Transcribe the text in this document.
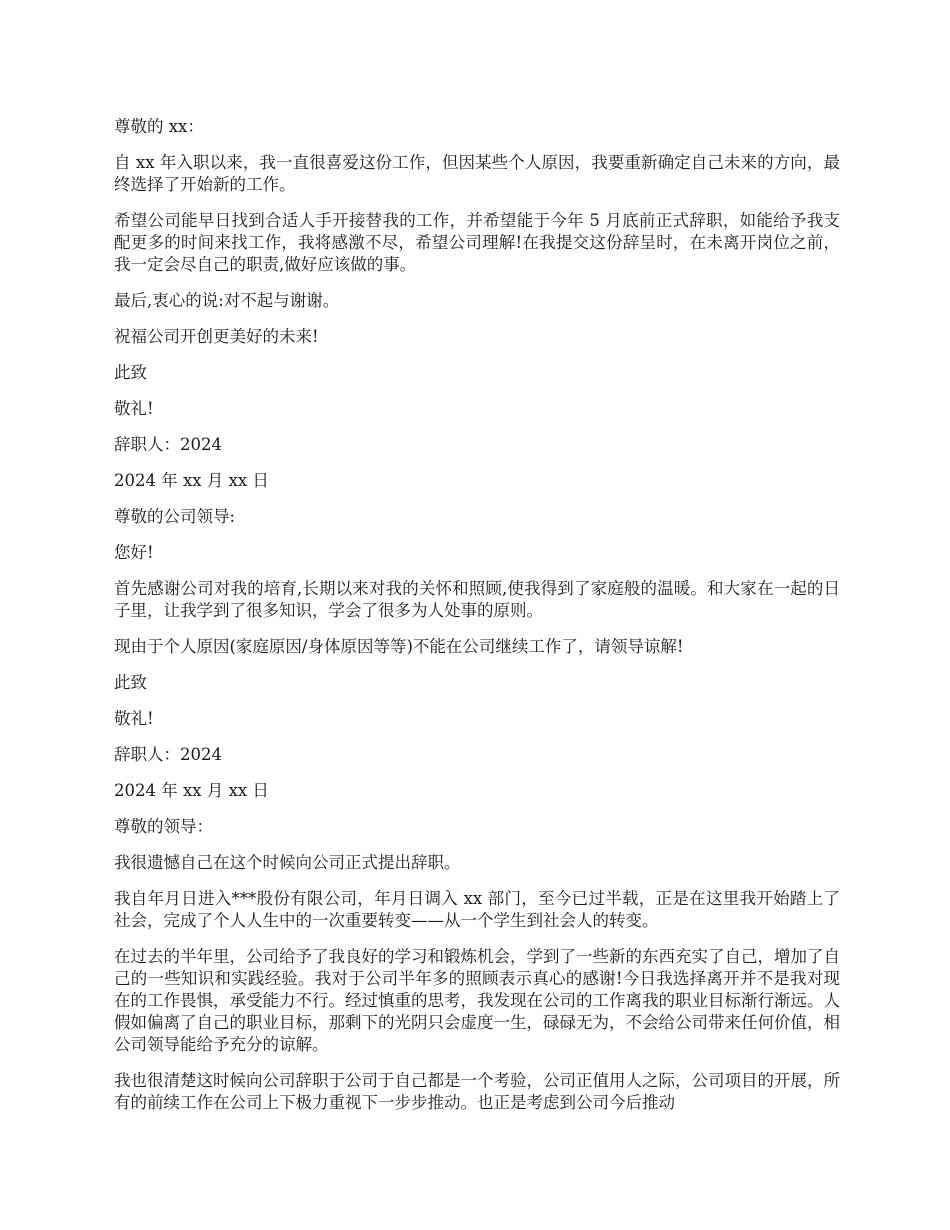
尊敬的 xx：

自 xx 年入职以来，我一直很喜爱这份工作，但因某些个人原因，我要重新确定自己未来的方向，最终选择了开始新的工作。

希望公司能早日找到合适人手开接替我的工作，并希望能于今年 5 月底前正式辞职，如能给予我支配更多的时间来找工作，我将感激不尽，希望公司理解!在我提交这份辞呈时，在未离开岗位之前，我一定会尽自己的职责,做好应该做的事。

最后,衷心的说:对不起与谢谢。

祝福公司开创更美好的未来!

此致

敬礼!

辞职人：2024

2024 年 xx 月 xx 日

尊敬的公司领导:

您好!

首先感谢公司对我的培育,长期以来对我的关怀和照顾,使我得到了家庭般的温暖。和大家在一起的日子里，让我学到了很多知识，学会了很多为人处事的原则。

现由于个人原因(家庭原因/身体原因等等)不能在公司继续工作了，请领导谅解!

此致

敬礼!

辞职人：2024

2024 年 xx 月 xx 日

尊敬的领导：

我很遗憾自己在这个时候向公司正式提出辞职。

我自年月日进入***股份有限公司，年月日调入 xx 部门，至今已过半载，正是在这里我开始踏上了社会，完成了个人人生中的一次重要转变——从一个学生到社会人的转变。

在过去的半年里，公司给予了我良好的学习和锻炼机会，学到了一些新的东西充实了自己，增加了自己的一些知识和实践经验。我对于公司半年多的照顾表示真心的感谢!今日我选择离开并不是我对现在的工作畏惧，承受能力不行。经过慎重的思考，我发现在公司的工作离我的职业目标渐行渐远。人假如偏离了自己的职业目标，那剩下的光阴只会虚度一生，碌碌无为，不会给公司带来任何价值，相公司领导能给予充分的谅解。

我也很清楚这时候向公司辞职于公司于自己都是一个考验，公司正值用人之际，公司项目的开展，所有的前续工作在公司上下极力重视下一步步推动。也正是考虑到公司今后推动
